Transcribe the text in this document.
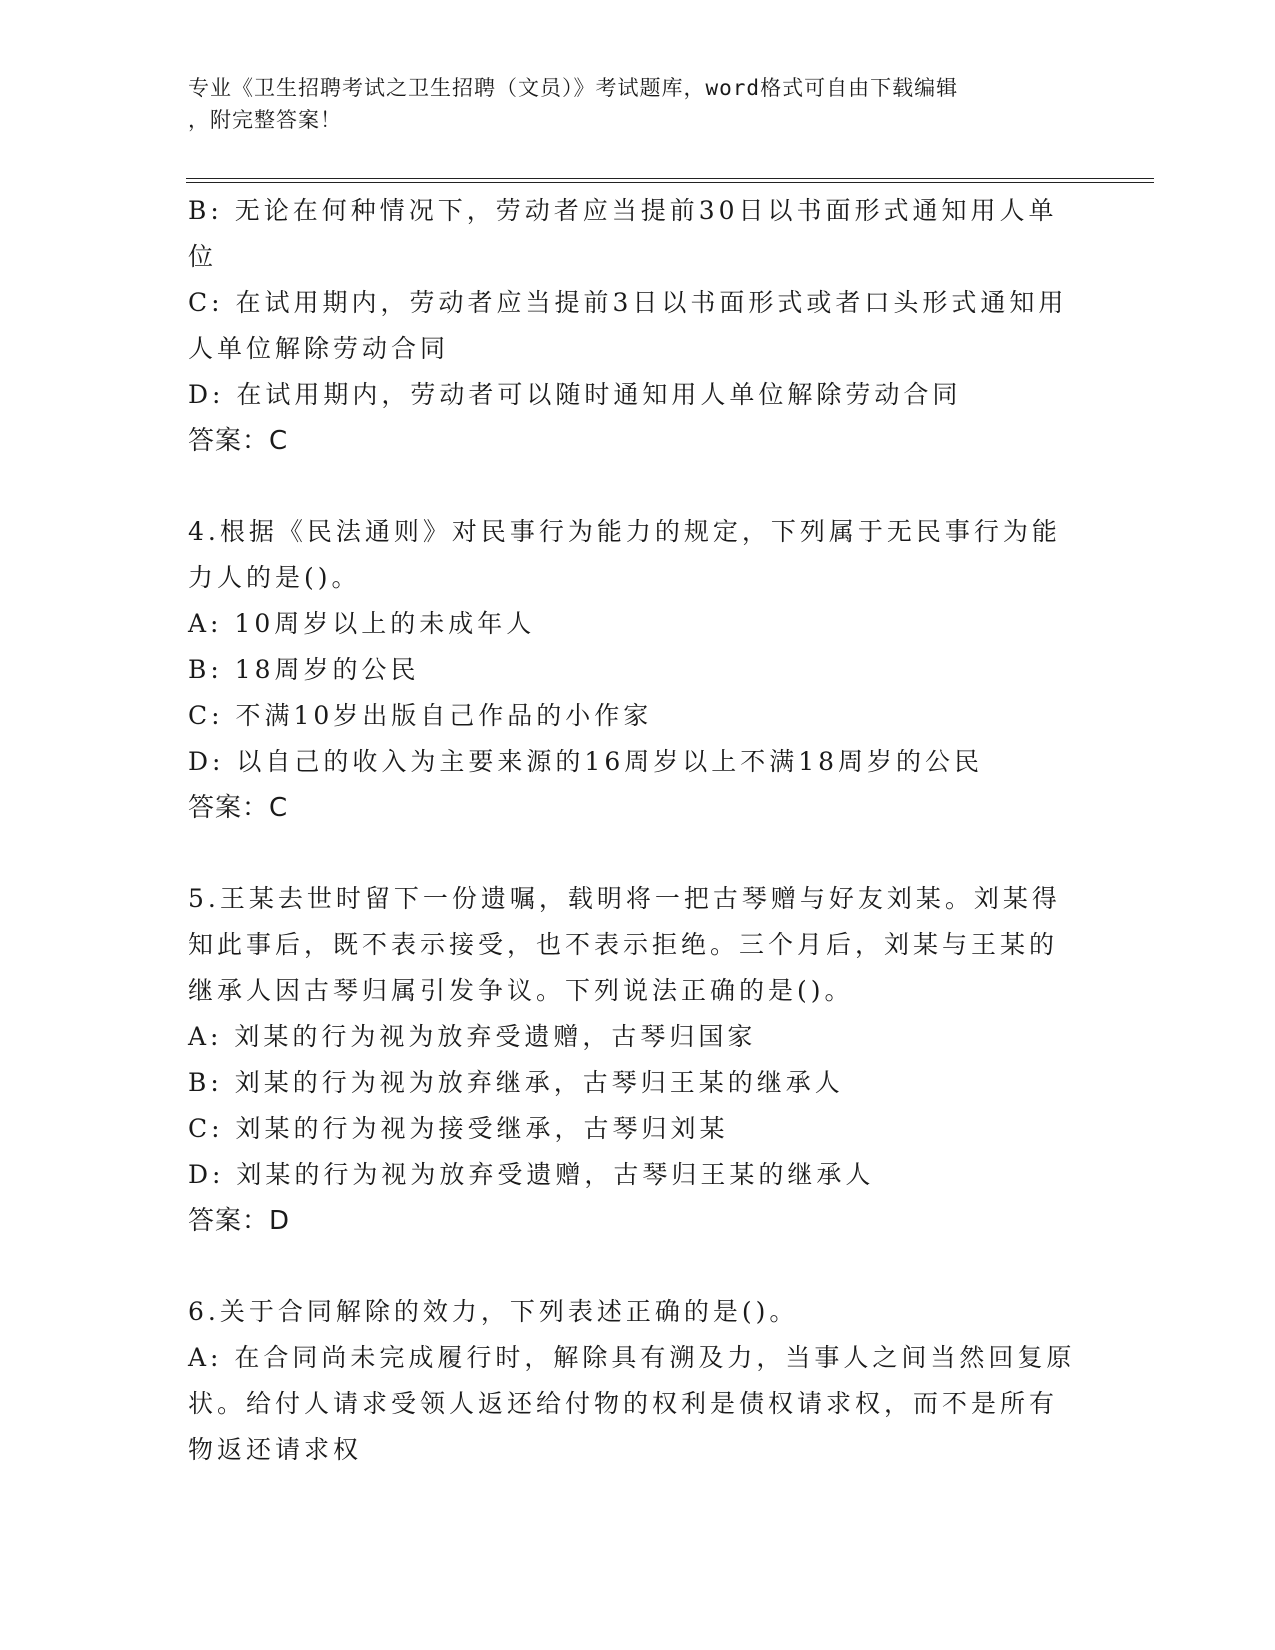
专业《卫生招聘考试之卫生招聘（文员）》考试题库，word格式可自由下载编辑
，附完整答案！
B: 无论在何种情况下，劳动者应当提前30日以书面形式通知用人单
位
C: 在试用期内，劳动者应当提前3日以书面形式或者口头形式通知用
人单位解除劳动合同
D: 在试用期内，劳动者可以随时通知用人单位解除劳动合同
答案：C
4.根据《民法通则》对民事行为能力的规定，下列属于无民事行为能
力人的是()。
A: 10周岁以上的未成年人
B: 18周岁的公民
C: 不满10岁出版自己作品的小作家
D: 以自己的收入为主要来源的16周岁以上不满18周岁的公民
答案：C
5.王某去世时留下一份遗嘱，载明将一把古琴赠与好友刘某。刘某得
知此事后，既不表示接受，也不表示拒绝。三个月后，刘某与王某的
继承人因古琴归属引发争议。下列说法正确的是()。
A: 刘某的行为视为放弃受遗赠，古琴归国家
B: 刘某的行为视为放弃继承，古琴归王某的继承人
C: 刘某的行为视为接受继承，古琴归刘某
D: 刘某的行为视为放弃受遗赠，古琴归王某的继承人
答案：D
6.关于合同解除的效力，下列表述正确的是()。
A: 在合同尚未完成履行时，解除具有溯及力，当事人之间当然回复原
状。给付人请求受领人返还给付物的权利是债权请求权，而不是所有
物返还请求权
